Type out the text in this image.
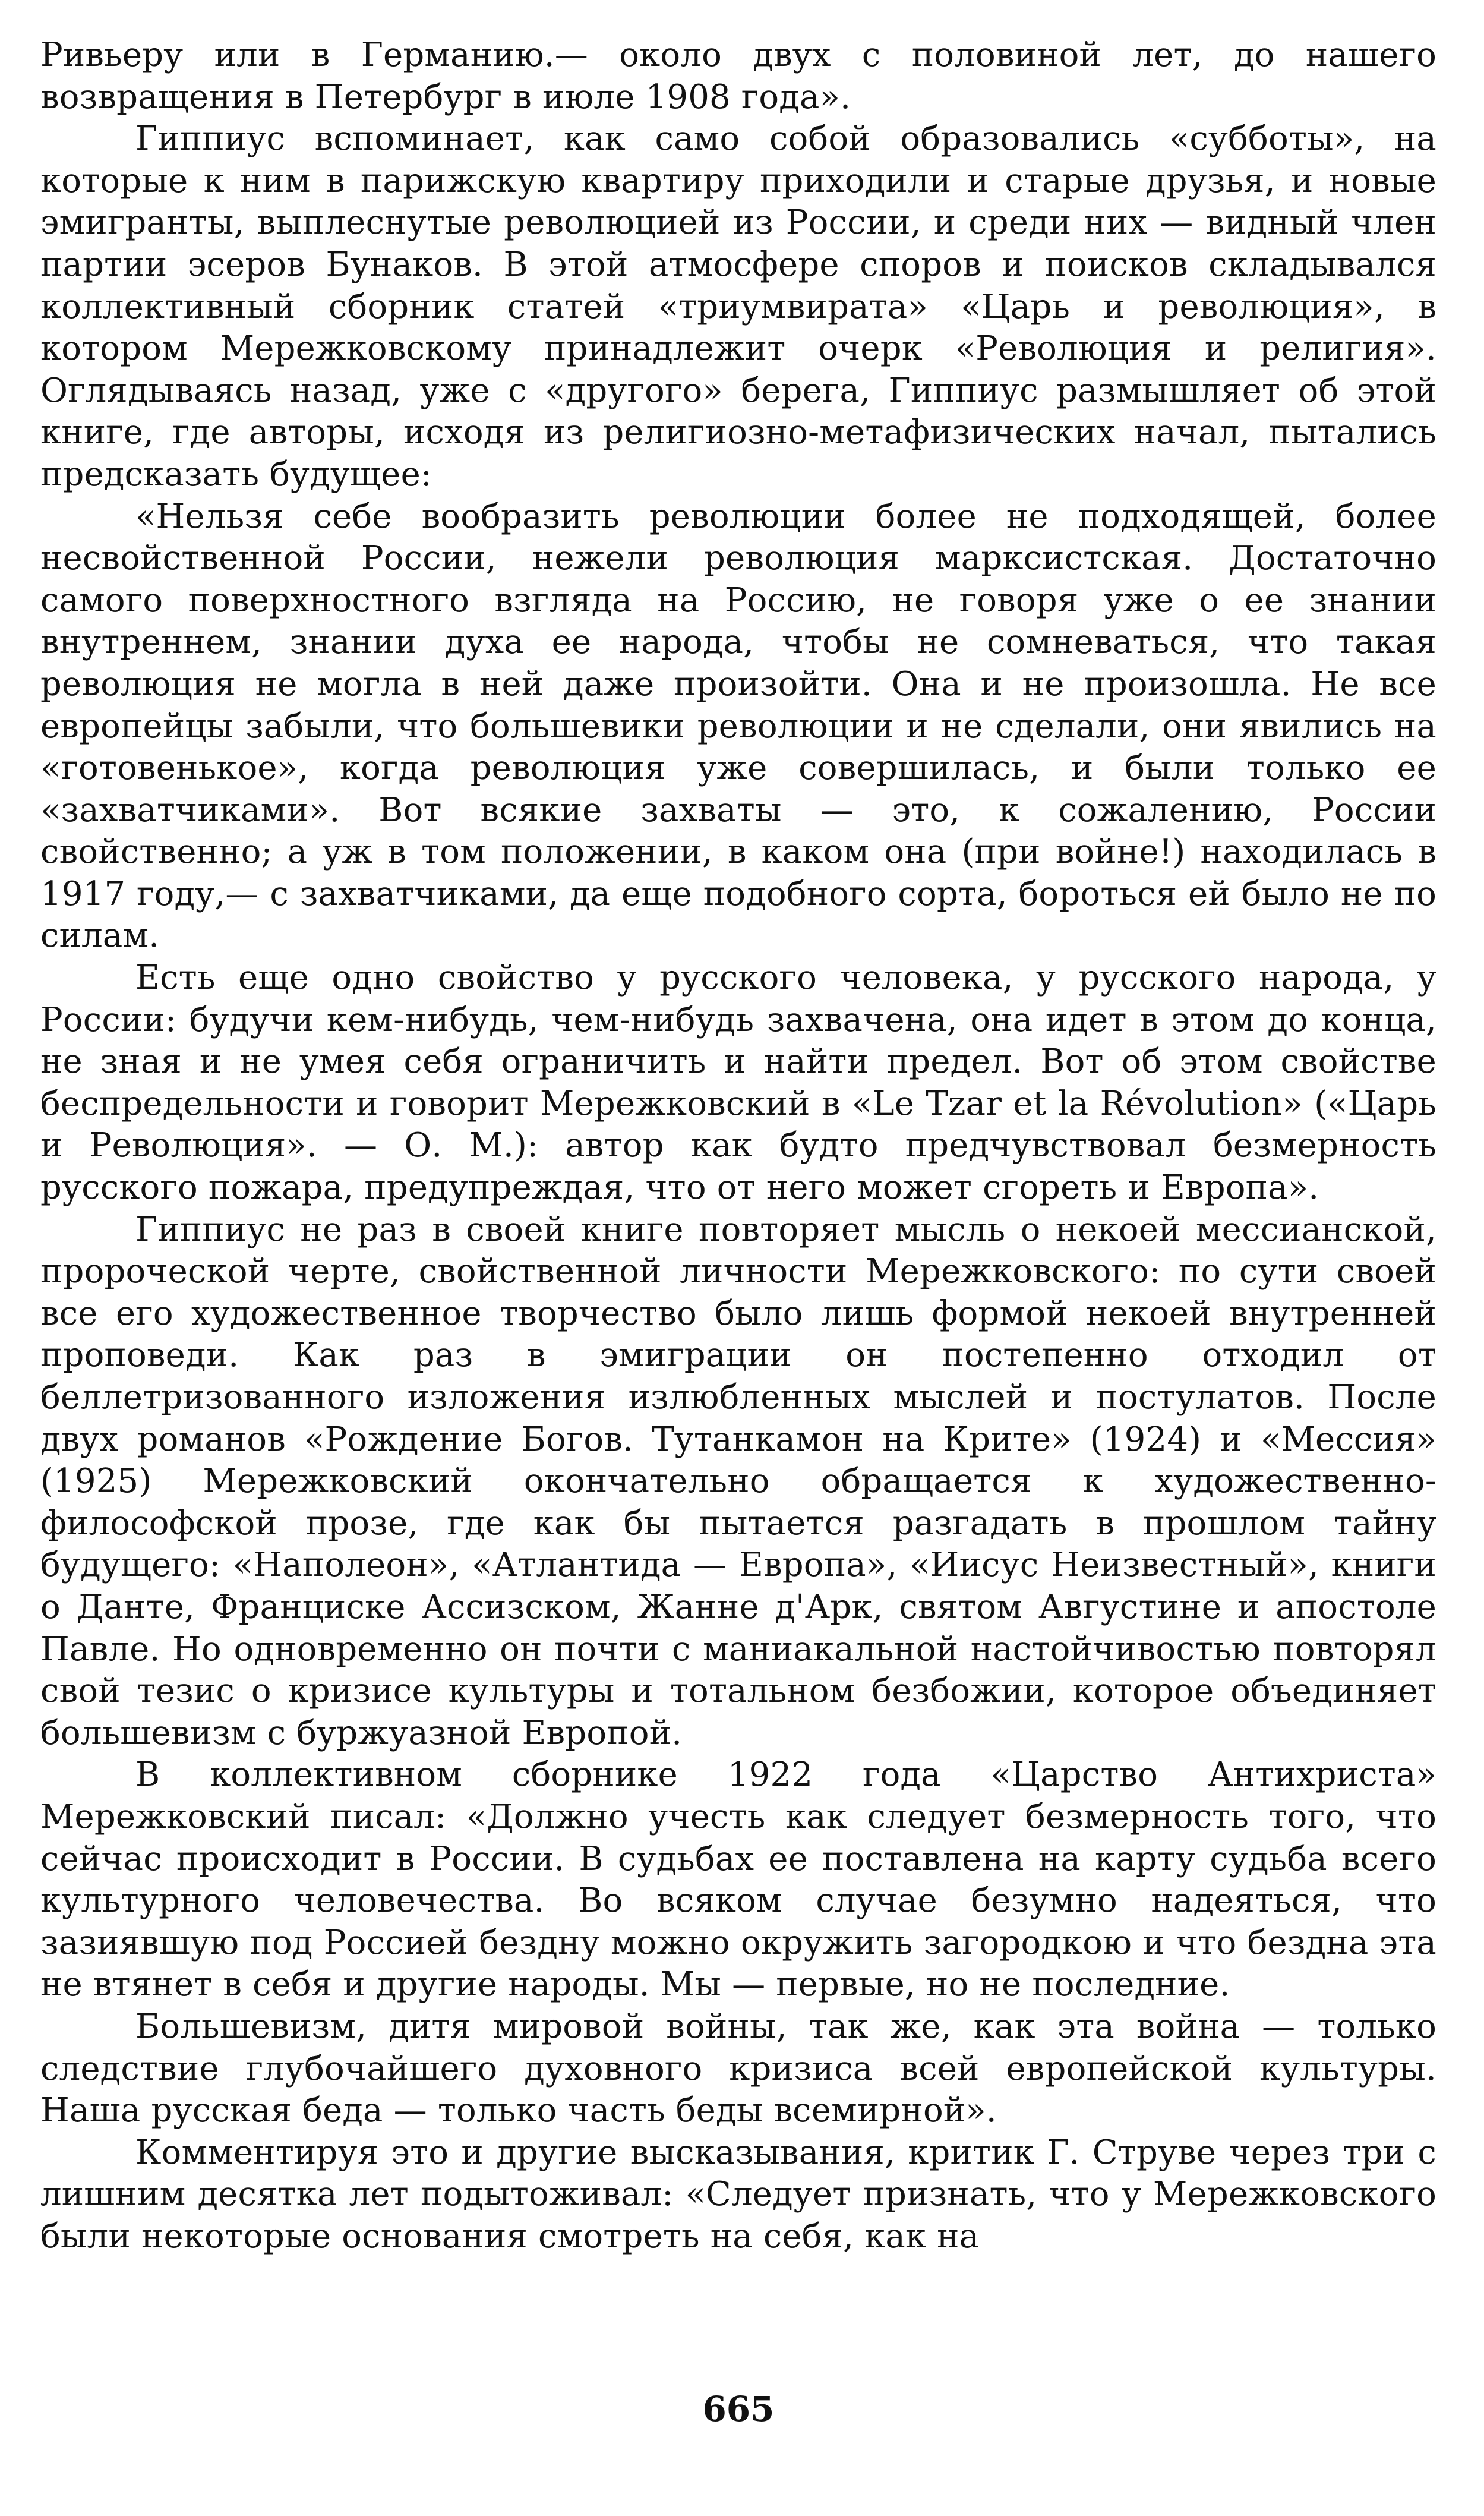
Ривьеру или в Германию.— около двух с половиной лет, до нашего возвращения в Петербург в июле 1908 года».

Гиппиус вспоминает, как само собой образовались «субботы», на которые к ним в парижскую квартиру приходили и старые друзья, и новые эмигранты, выплеснутые революцией из России, и среди них — видный член партии эсеров Бунаков. В этой атмосфере споров и поисков складывался коллективный сборник статей «триумвирата» «Царь и революция», в котором Мережковскому принадлежит очерк «Революция и религия». Оглядываясь назад, уже с «другого» берега, Гиппиус размышляет об этой книге, где авторы, исходя из религиозно-метафизических начал, пытались предсказать будущее:

«Нельзя себе вообразить революции более не подходящей, более несвойственной России, нежели революция марксистская. Достаточно самого поверхностного взгляда на Россию, не говоря уже о ее знании внутреннем, знании духа ее народа, чтобы не сомневаться, что такая революция не могла в ней даже произойти. Она и не произошла. Не все европейцы забыли, что большевики революции и не сделали, они явились на «готовенькое», когда революция уже совершилась, и были только ее «захватчиками». Вот всякие захваты — это, к сожалению, России свойственно; а уж в том положении, в каком она (при войне!) находилась в 1917 году,— с захватчиками, да еще подобного сорта, бороться ей было не по силам.

Есть еще одно свойство у русского человека, у русского народа, у России: будучи кем-нибудь, чем-нибудь захвачена, она идет в этом до конца, не зная и не умея себя ограничить и найти предел. Вот об этом свойстве беспредельности и говорит Мережковский в «Le Tzar et la Révolution» («Царь и Революция». — О. М.): автор как будто предчувствовал безмерность русского пожара, предупреждая, что от него может сгореть и Европа».

Гиппиус не раз в своей книге повторяет мысль о некоей мессианской, пророческой черте, свойственной личности Мережковского: по сути своей все его художественное творчество было лишь формой некоей внутренней проповеди. Как раз в эмиграции он постепенно отходил от беллетризованного изложения излюбленных мыслей и постулатов. После двух романов «Рождение Богов. Тутанкамон на Крите» (1924) и «Мессия» (1925) Мережковский окончательно обращается к художественно-философской прозе, где как бы пытается разгадать в прошлом тайну будущего: «Наполеон», «Атлантида — Европа», «Иисус Неизвестный», книги о Данте, Франциске Ассизском, Жанне д'Арк, святом Августине и апостоле Павле. Но одновременно он почти с маниакальной настойчивостью повторял свой тезис о кризисе культуры и тотальном безбожии, которое объединяет большевизм с буржуазной Европой.

В коллективном сборнике 1922 года «Царство Антихриста» Мережковский писал: «Должно учесть как следует безмерность того, что сейчас происходит в России. В судьбах ее поставлена на карту судьба всего культурного человечества. Во всяком случае безумно надеяться, что зазиявшую под Россией бездну можно окружить загородкою и что бездна эта не втянет в себя и другие народы. Мы — первые, но не последние.

Большевизм, дитя мировой войны, так же, как эта война — только следствие глубочайшего духовного кризиса всей европейской культуры. Наша русская беда — только часть беды всемирной».

Комментируя это и другие высказывания, критик Г. Струве через три с лишним десятка лет подытоживал: «Следует признать, что у Мережковского были некоторые основания смотреть на себя, как на

665
